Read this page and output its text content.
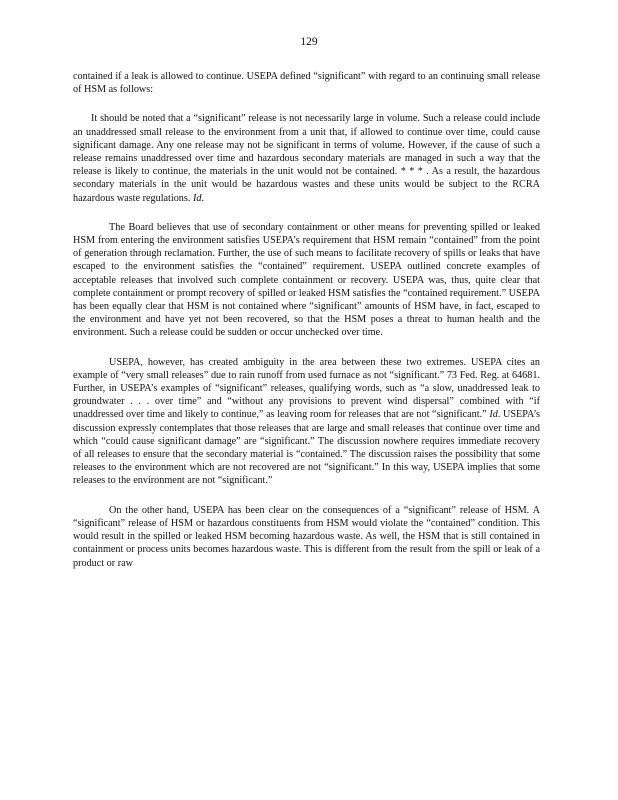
129

contained if a leak is allowed to continue. USEPA defined “significant” with regard to an continuing small release of HSM as follows:

It should be noted that a “significant” release is not necessarily large in volume. Such a release could include an unaddressed small release to the environment from a unit that, if allowed to continue over time, could cause significant damage. Any one release may not be significant in terms of volume. However, if the cause of such a release remains unaddressed over time and hazardous secondary materials are managed in such a way that the release is likely to continue, the materials in the unit would not be contained. * * * . As a result, the hazardous secondary materials in the unit would be hazardous wastes and these units would be subject to the RCRA hazardous waste regulations. Id.

The Board believes that use of secondary containment or other means for preventing spilled or leaked HSM from entering the environment satisfies USEPA’s requirement that HSM remain “contained” from the point of generation through reclamation. Further, the use of such means to facilitate recovery of spills or leaks that have escaped to the environment satisfies the “contained” requirement. USEPA outlined concrete examples of acceptable releases that involved such complete containment or recovery. USEPA was, thus, quite clear that complete containment or prompt recovery of spilled or leaked HSM satisfies the “contained requirement.” USEPA has been equally clear that HSM is not contained where “significant” amounts of HSM have, in fact, escaped to the environment and have yet not been recovered, so that the HSM poses a threat to human health and the environment. Such a release could be sudden or occur unchecked over time.

USEPA, however, has created ambiguity in the area between these two extremes. USEPA cites an example of “very small releases” due to rain runoff from used furnace as not “significant.” 73 Fed. Reg. at 64681. Further, in USEPA’s examples of “significant” releases, qualifying words, such as “a slow, unaddressed leak to groundwater . . . over time” and “without any provisions to prevent wind dispersal” combined with “if unaddressed over time and likely to continue,” as leaving room for releases that are not “significant.” Id. USEPA’s discussion expressly contemplates that those releases that are large and small releases that continue over time and which “could cause significant damage” are “significant.” The discussion nowhere requires immediate recovery of all releases to ensure that the secondary material is “contained.” The discussion raises the possibility that some releases to the environment which are not recovered are not “significant.” In this way, USEPA implies that some releases to the environment are not “significant.”

On the other hand, USEPA has been clear on the consequences of a “significant” release of HSM. A “significant” release of HSM or hazardous constituents from HSM would violate the “contained” condition. This would result in the spilled or leaked HSM becoming hazardous waste. As well, the HSM that is still contained in containment or process units becomes hazardous waste. This is different from the result from the spill or leak of a product or raw
